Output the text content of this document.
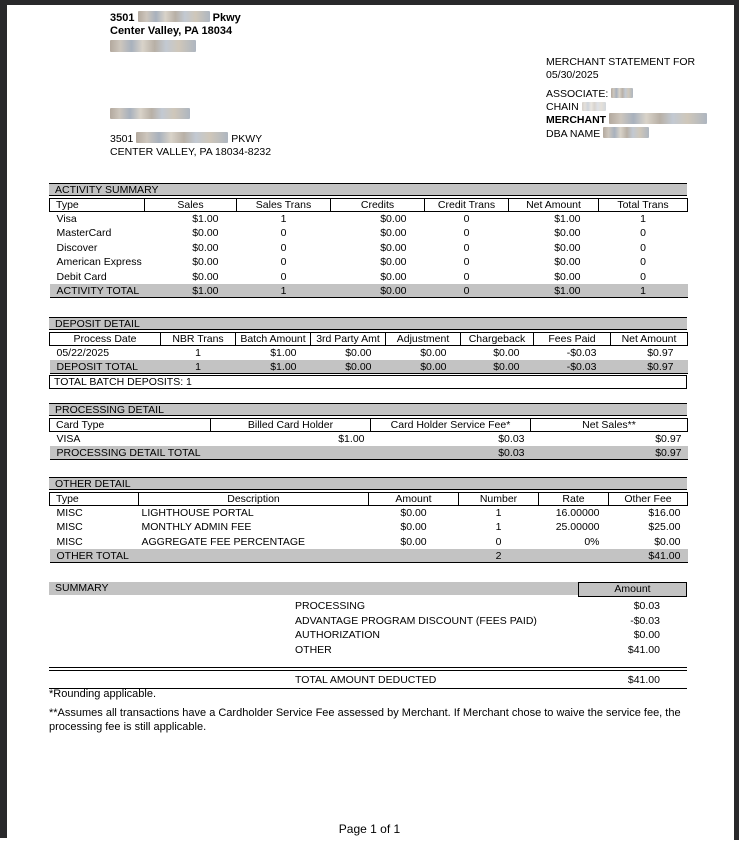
3501	Pkwy
Center Valley, PA 18034
MERCHANT STATEMENT FOR
05/30/2025
ASSOCIATE:
CHAIN
MERCHANT
DBA NAME
3501	PKWY
CENTER VALLEY, PA 18034-8232
ACTIVITY SUMMARY
Type	Sales	Sales Trans	Credits	Credit Trans	Net Amount	Total Trans
Visa	$1.00	1	$0.00	0	$1.00	1
MasterCard	$0.00	0	$0.00	0	$0.00	0
Discover	$0.00	0	$0.00	0	$0.00	0
American Express	$0.00	0	$0.00	0	$0.00	0
Debit Card	$0.00	0	$0.00	0	$0.00	0
ACTIVITY TOTAL	$1.00	1	$0.00	0	$1.00	1
DEPOSIT DETAIL
Process Date	NBR Trans	Batch Amount	3rd Party Amt	Adjustment	Chargeback	Fees Paid	Net Amount
05/22/2025	1	$1.00	$0.00	$0.00	$0.00	-$0.03	$0.97
DEPOSIT TOTAL	1	$1.00	$0.00	$0.00	$0.00	-$0.03	$0.97
TOTAL BATCH DEPOSITS: 1
PROCESSING DETAIL
Card Type	Billed Card Holder	Card Holder Service Fee*	Net Sales**
VISA	$1.00	$0.03	$0.97
PROCESSING DETAIL TOTAL		$0.03	$0.97
OTHER DETAIL
Type	Description	Amount	Number	Rate	Other Fee
MISC	LIGHTHOUSE PORTAL	$0.00	1	16.00000	$16.00
MISC	MONTHLY ADMIN FEE	$0.00	1	25.00000	$25.00
MISC	AGGREGATE FEE PERCENTAGE	$0.00	0	0%	$0.00
OTHER TOTAL			2		$41.00
SUMMARY	Amount
PROCESSING	$0.03
ADVANTAGE PROGRAM DISCOUNT (FEES PAID)	-$0.03
AUTHORIZATION	$0.00
OTHER	$41.00
TOTAL AMOUNT DEDUCTED	$41.00

*Rounding applicable.

**Assumes all transactions have a Cardholder Service Fee assessed by Merchant. If Merchant chose to waive the service fee, the processing fee is still applicable.

Page 1 of 1
